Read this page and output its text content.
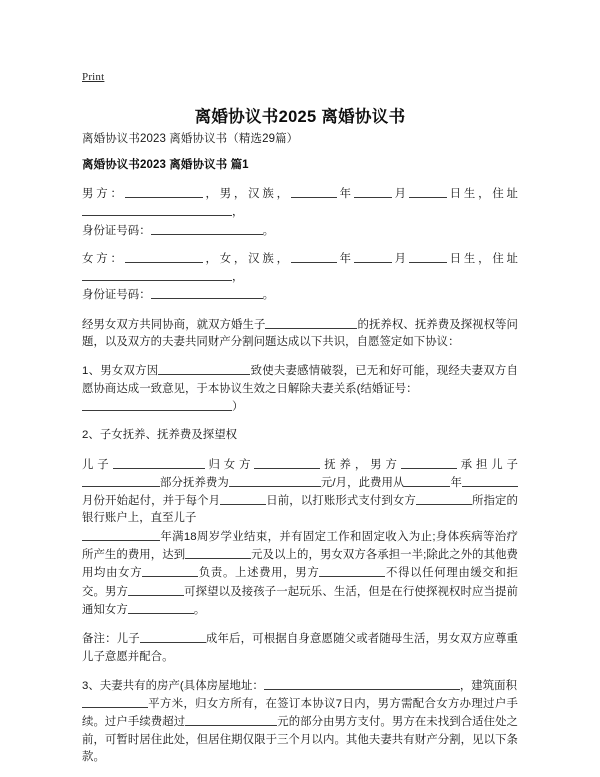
Print
离婚协议书2025 离婚协议书

离婚协议书2023 离婚协议书（精选29篇）

离婚协议书2023 离婚协议书 篇1

男方：	，男，汉族，	年	月	日生，住址，

身份证号码：	。

女方：	，女，汉族，	年	月	日生，住址，

身份证号码：	。

经男女双方共同协商，就双方婚生子	的抚养权、抚养费及探视权等问题，以及双方的夫妻共同财产分割问题达成以下共识，自愿签定如下协议：

1、男女双方因	致使夫妻感情破裂，已无和好可能，现经夫妻双方自愿协商达成一致意见，于本协议生效之日解除夫妻关系(结婚证号：
）

2、子女抚养、抚养费及探望权

儿子	归女方	抚养，男方	承担儿子部分抚养费为	元/月，此费用从	年月份开始起付，并于每个月	日前，以打账形式支付到女方	所指定的银行账户上，直至儿子
年满18周岁学业结束，并有固定工作和固定收入为止;身体疾病等治疗所产生的费用，达到	元及以上的，男女双方各承担一半;除此之外的其他费用均由女方	负责。上述费用，男方	不得以任何理由缓交和拒交。男方	可探望以及接孩子一起玩乐、生活，但是在行使探视权时应当提前通知女方	。

备注：儿子	成年后，可根据自身意愿随父或者随母生活，男女双方应尊重儿子意愿并配合。

3、夫妻共有的房产(具体房屋地址：	，建筑面积
平方米，归女方所有，在签订本协议7日内，男方需配合女方办理过户手续。过户手续费超过	元的部分由男方支付。男方在未找到合适住处之前，可暂时居住此处，但居住期仅限于三个月以内。其他夫妻共有财产分割，见以下条款。
